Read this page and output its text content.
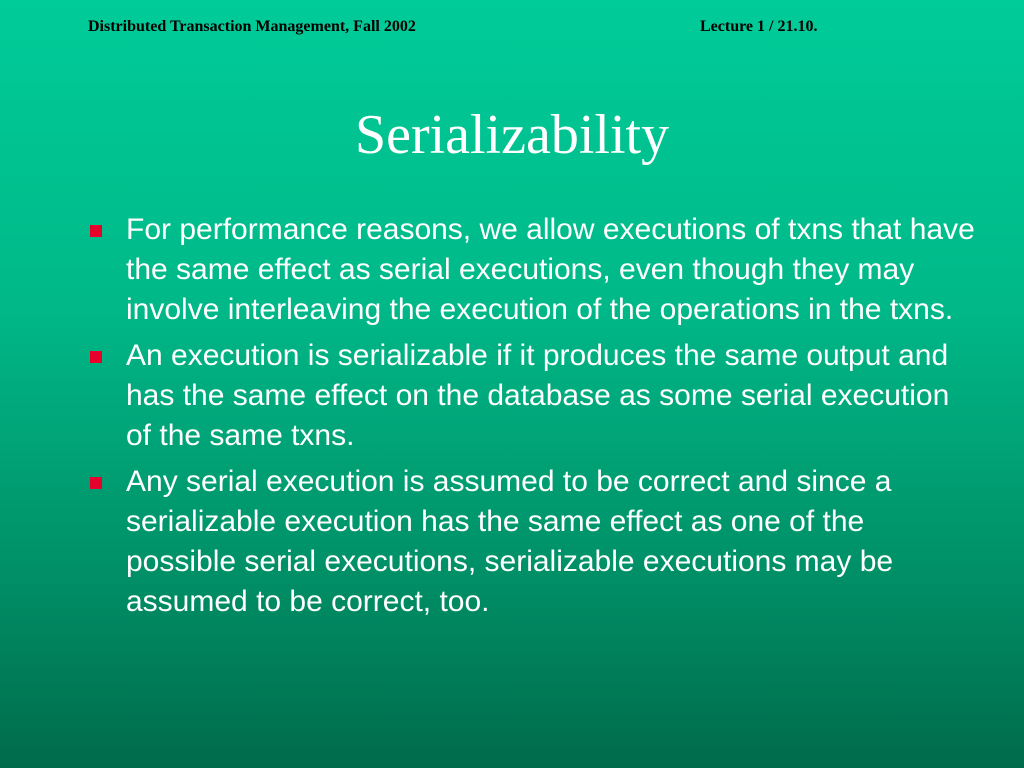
Distributed Transaction Management, Fall 2002	Lecture 1 / 21.10.
Serializability
For performance reasons, we allow executions of txns that have the same effect as serial executions, even though they may involve interleaving the execution of the operations in the txns.
An execution is serializable if it produces the same output and has the same effect on the database as some serial execution of the same txns.
Any serial execution is assumed to be correct and since a serializable execution has the same effect as one of the possible serial executions, serializable executions may be assumed to be correct, too.
